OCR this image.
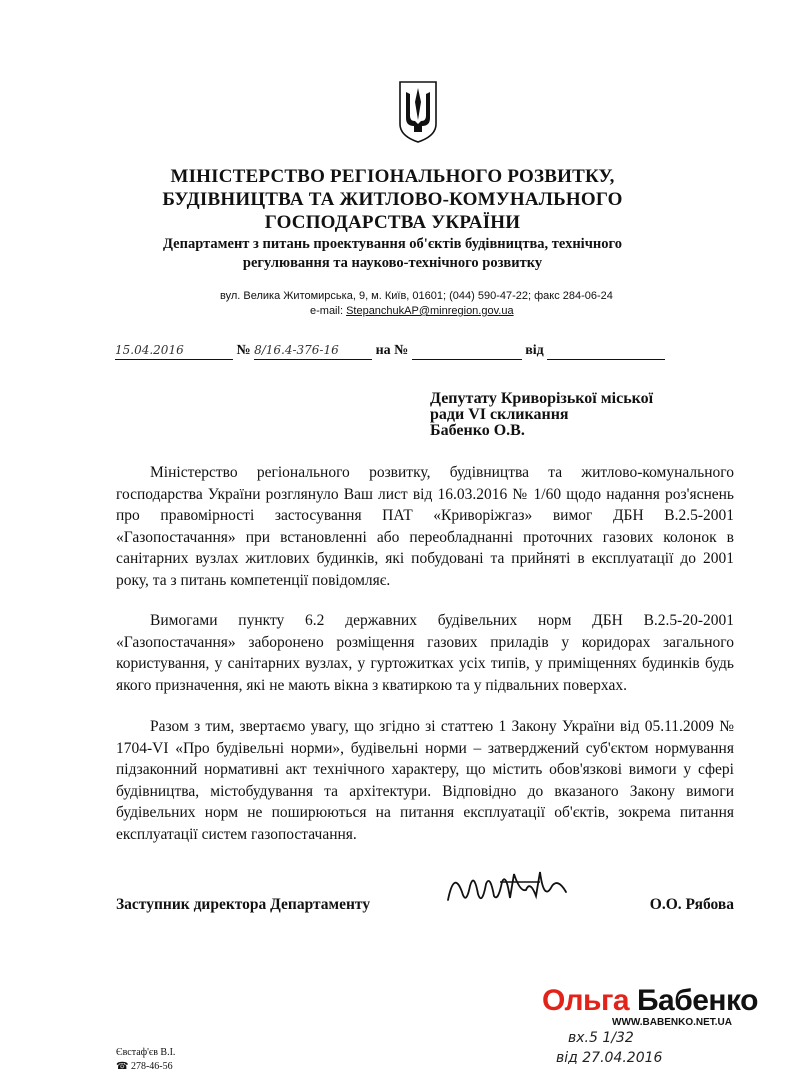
МІНІСТЕРСТВО РЕГІОНАЛЬНОГО РОЗВИТКУ,
БУДІВНИЦТВА ТА ЖИТЛОВО-КОМУНАЛЬНОГО
ГОСПОДАРСТВА УКРАЇНИ
Департамент з питань проектування об'єктів будівництва, технічного
регулювання та науково-технічного розвитку
вул. Велика Житомирська, 9, м. Київ, 01601; (044) 590-47-22; факс 284-06-24
e-mail: StepanchukAP@minregion.gov.ua
15.04.2016	№ 8/16.4-376-16	на №	від
Депутату Криворізької міської
ради VI скликання
Бабенко О.В.
Міністерство регіонального розвитку, будівництва та житлово-комунального господарства України розглянуло Ваш лист від 16.03.2016 № 1/60 щодо надання роз'яснень про правомірності застосування ПАТ «Криворіжгаз» вимог ДБН В.2.5-2001 «Газопостачання» при встановленні або переобладнанні проточних газових колонок в санітарних вузлах житлових будинків, які побудовані та прийняті в експлуатації до 2001 року, та з питань компетенції повідомляє.
Вимогами пункту 6.2 державних будівельних норм ДБН В.2.5-20-2001 «Газопостачання» заборонено розміщення газових приладів у коридорах загального користування, у санітарних вузлах, у гуртожитках усіх типів, у приміщеннях будинків будь якого призначення, які не мають вікна з кватиркою та у підвальних поверхах.
Разом з тим, звертаємо увагу, що згідно зі статтею 1 Закону України від 05.11.2009 № 1704-VI «Про будівельні норми», будівельні норми – затверджений суб'єктом нормування підзаконний нормативні акт технічного характеру, що містить обов'язкові вимоги у сфері будівництва, містобудування та архітектури. Відповідно до вказаного Закону вимоги будівельних норм не поширюються на питання експлуатації об'єктів, зокрема питання експлуатації систем газопостачання.
Заступник директора Департаменту	О.О. Рябова
Ольга Бабенко
WWW.BABENKO.NET.UA
вх.5 1/32
від 27.04.2016
Євстаф'єв В.І.
☎ 278-46-56
